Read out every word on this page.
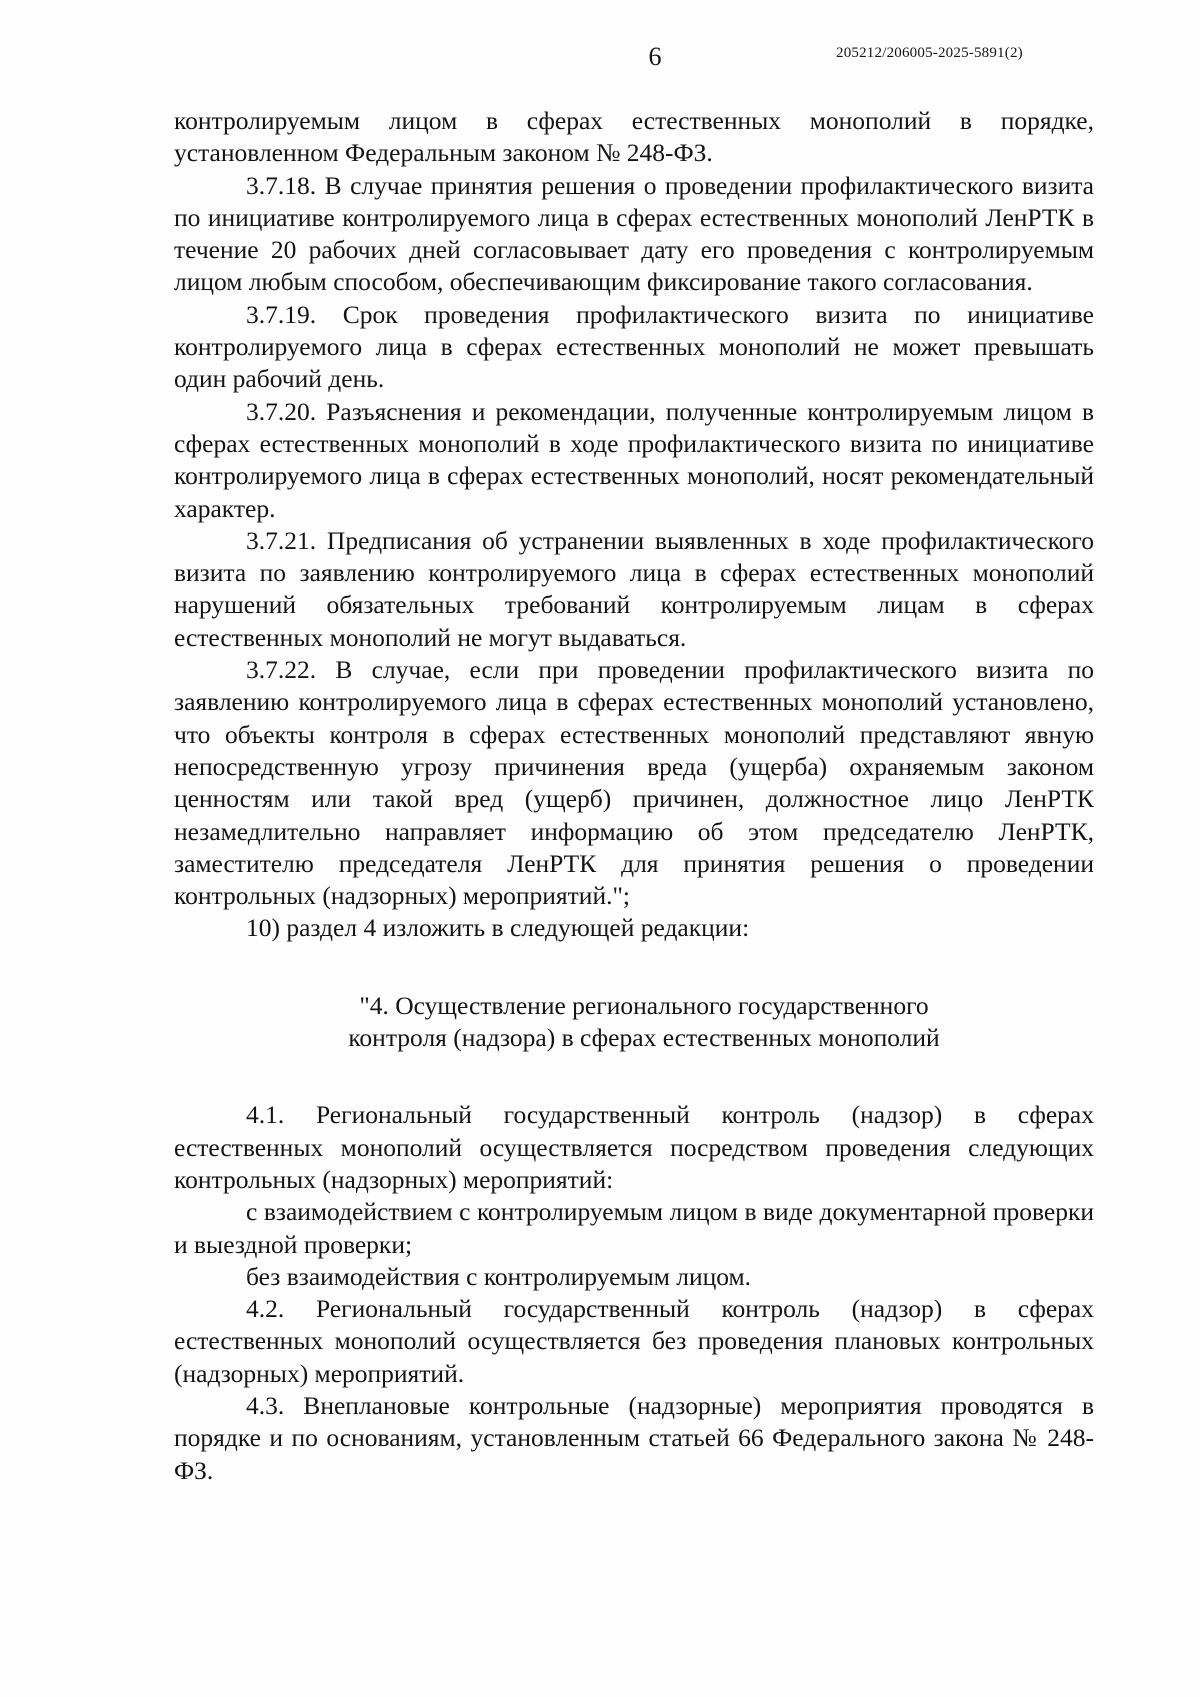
6	205212/206005-2025-5891(2)

контролируемым лицом в сферах естественных монополий в порядке, установленном Федеральным законом № 248-ФЗ.

3.7.18. В случае принятия решения о проведении профилактического визита по инициативе контролируемого лица в сферах естественных монополий ЛенРТК в течение 20 рабочих дней согласовывает дату его проведения с контролируемым лицом любым способом, обеспечивающим фиксирование такого согласования.

3.7.19. Срок проведения профилактического визита по инициативе контролируемого лица в сферах естественных монополий не может превышать один рабочий день.

3.7.20. Разъяснения и рекомендации, полученные контролируемым лицом в сферах естественных монополий в ходе профилактического визита по инициативе контролируемого лица в сферах естественных монополий, носят рекомендательный характер.

3.7.21. Предписания об устранении выявленных в ходе профилактического визита по заявлению контролируемого лица в сферах естественных монополий нарушений обязательных требований контролируемым лицам в сферах естественных монополий не могут выдаваться.

3.7.22. В случае, если при проведении профилактического визита по заявлению контролируемого лица в сферах естественных монополий установлено, что объекты контроля в сферах естественных монополий представляют явную непосредственную угрозу причинения вреда (ущерба) охраняемым законом ценностям или такой вред (ущерб) причинен, должностное лицо ЛенРТК незамедлительно направляет информацию об этом председателю ЛенРТК, заместителю председателя ЛенРТК для принятия решения о проведении контрольных (надзорных) мероприятий.";

10) раздел 4 изложить в следующей редакции:

"4. Осуществление регионального государственного
контроля (надзора) в сферах естественных монополий

4.1. Региональный государственный контроль (надзор) в сферах естественных монополий осуществляется посредством проведения следующих контрольных (надзорных) мероприятий:

с взаимодействием с контролируемым лицом в виде документарной проверки и выездной проверки;

без взаимодействия с контролируемым лицом.

4.2. Региональный государственный контроль (надзор) в сферах естественных монополий осуществляется без проведения плановых контрольных (надзорных) мероприятий.

4.3. Внеплановые контрольные (надзорные) мероприятия проводятся в порядке и по основаниям, установленным статьей 66 Федерального закона № 248-ФЗ.
